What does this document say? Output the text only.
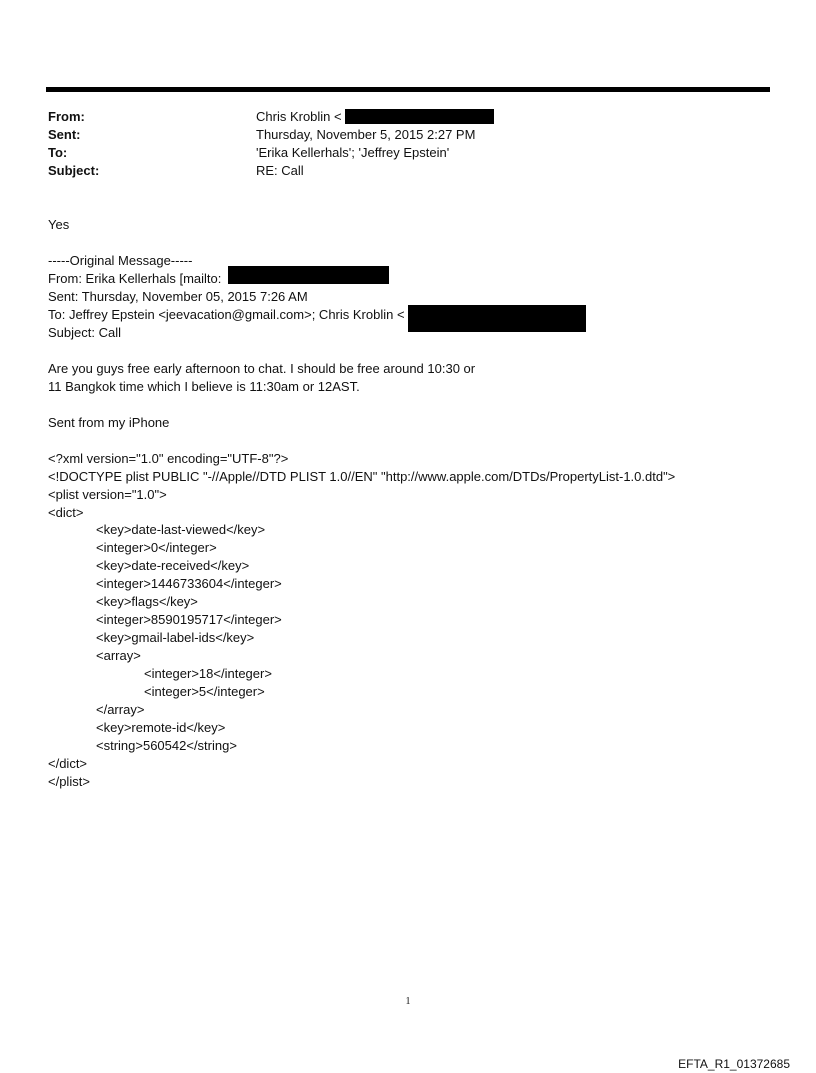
From:	Chris Kroblin <
Sent:	Thursday, November 5, 2015 2:27 PM
To:	'Erika Kellerhals'; 'Jeffrey Epstein'
Subject:	RE: Call
Yes
-----Original Message-----
From: Erika Kellerhals [mailto:
Sent: Thursday, November 05, 2015 7:26 AM
To: Jeffrey Epstein <jeevacation@gmail.com>; Chris Kroblin <
Subject: Call
Are you guys free early afternoon to chat. I should be free around 10:30 or
11 Bangkok time which I believe is 11:30am or 12AST.
Sent from my iPhone
<?xml version="1.0" encoding="UTF-8"?>
<!DOCTYPE plist PUBLIC "-//Apple//DTD PLIST 1.0//EN" "http://www.apple.com/DTDs/PropertyList-1.0.dtd">
<plist version="1.0">
<dict>
<key>date-last-viewed</key>
<integer>0</integer>
<key>date-received</key>
<integer>1446733604</integer>
<key>flags</key>
<integer>8590195717</integer>
<key>gmail-label-ids</key>
<array>
<integer>18</integer>
<integer>5</integer>
</array>
<key>remote-id</key>
<string>560542</string>
</dict>
</plist>
1
EFTA_R1_01372685
